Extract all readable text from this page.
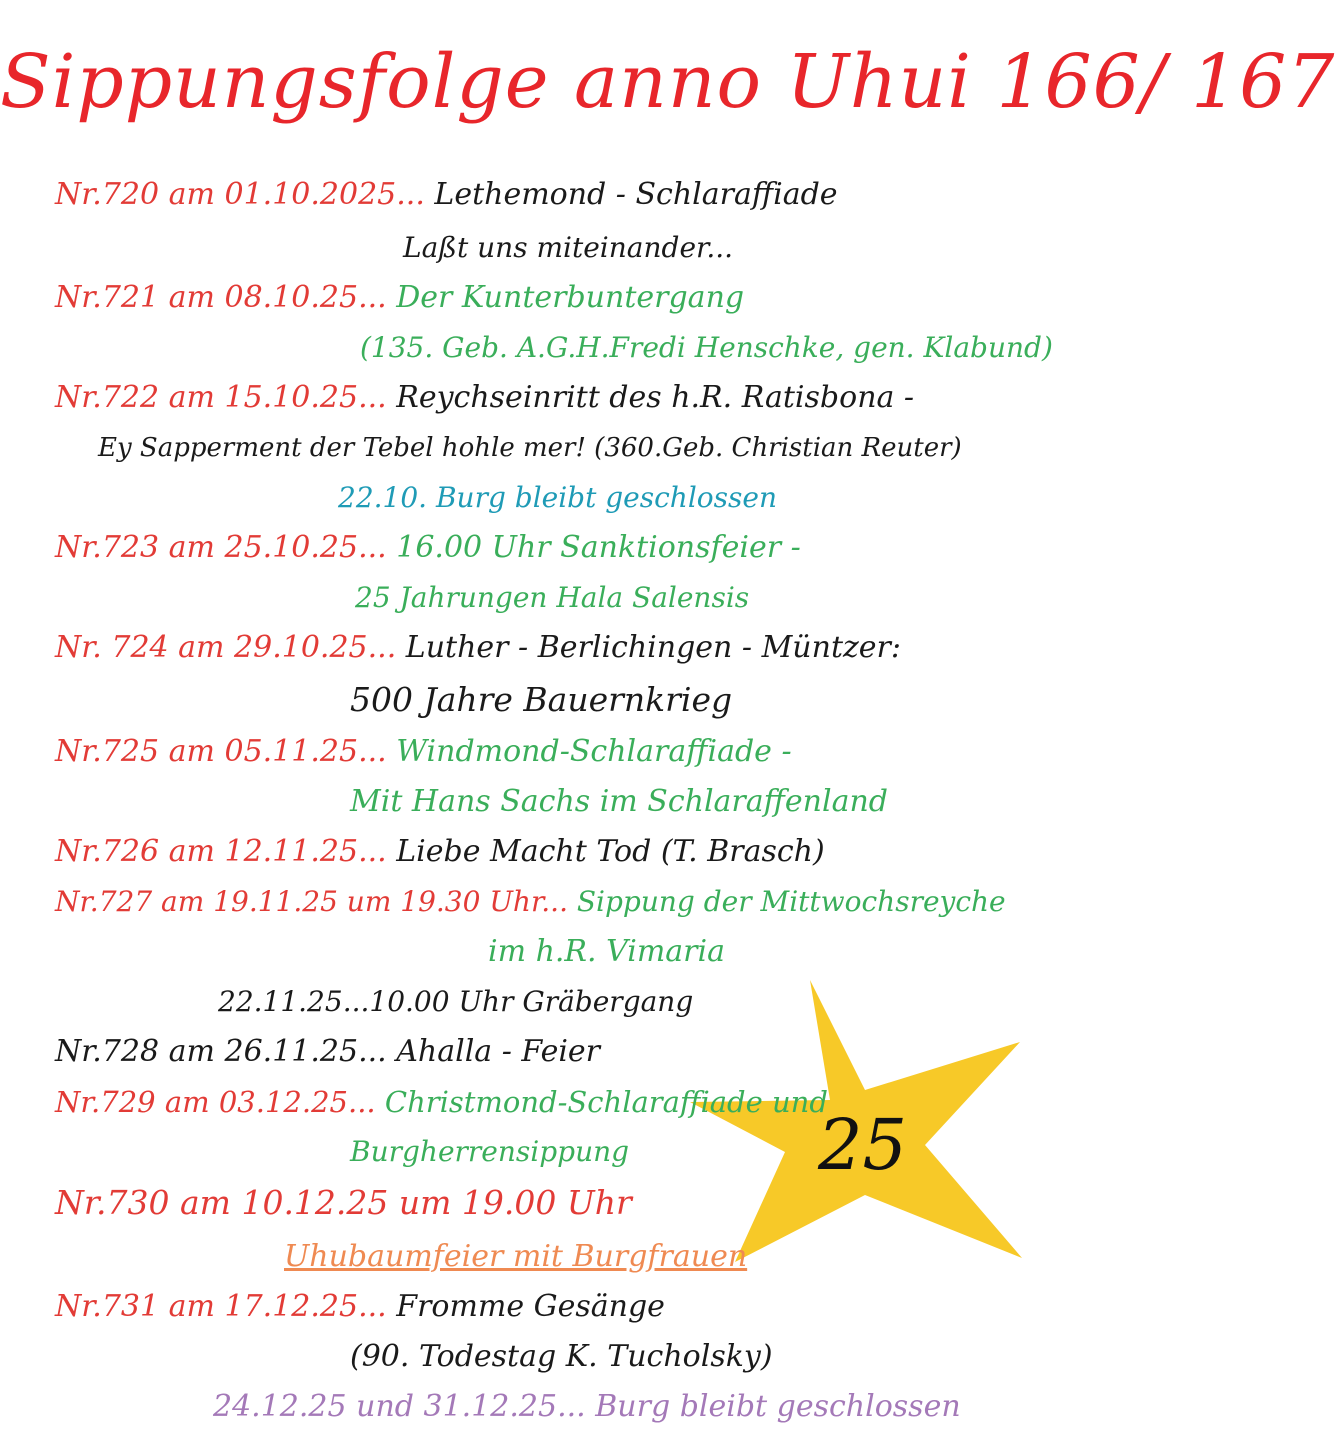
Sippungsfolge anno Uhui 166/ 167
Nr.720 am 01.10.2025... Lethemond - Schlaraffiade
Laßt uns miteinander...
Nr.721 am 08.10.25... Der Kunterbuntergang
(135. Geb. A.G.H.Fredi Henschke, gen. Klabund)
Nr.722 am 15.10.25... Reychseinritt des h.R. Ratisbona -
Ey Sapperment der Tebel hohle mer! (360.Geb. Christian Reuter)
22.10. Burg bleibt geschlossen
Nr.723 am 25.10.25... 16.00 Uhr Sanktionsfeier -
25 Jahrungen Hala Salensis
Nr. 724 am 29.10.25... Luther - Berlichingen - Müntzer:
500 Jahre Bauernkrieg
Nr.725 am 05.11.25... Windmond-Schlaraffiade -
Mit Hans Sachs im Schlaraffenland
Nr.726 am 12.11.25... Liebe Macht Tod (T. Brasch)
Nr.727 am 19.11.25 um 19.30 Uhr... Sippung der Mittwochsreyche
im h.R. Vimaria
22.11.25...10.00 Uhr Gräbergang
25
Nr.728 am 26.11.25... Ahalla - Feier
Nr.729 am 03.12.25... Christmond-Schlaraffiade und
Burgherrensippung
Nr.730 am 10.12.25 um 19.00 Uhr
Uhubaumfeier mit Burgfrauen
Nr.731 am 17.12.25... Fromme Gesänge
(90. Todestag K. Tucholsky)
24.12.25 und 31.12.25... Burg bleibt geschlossen
